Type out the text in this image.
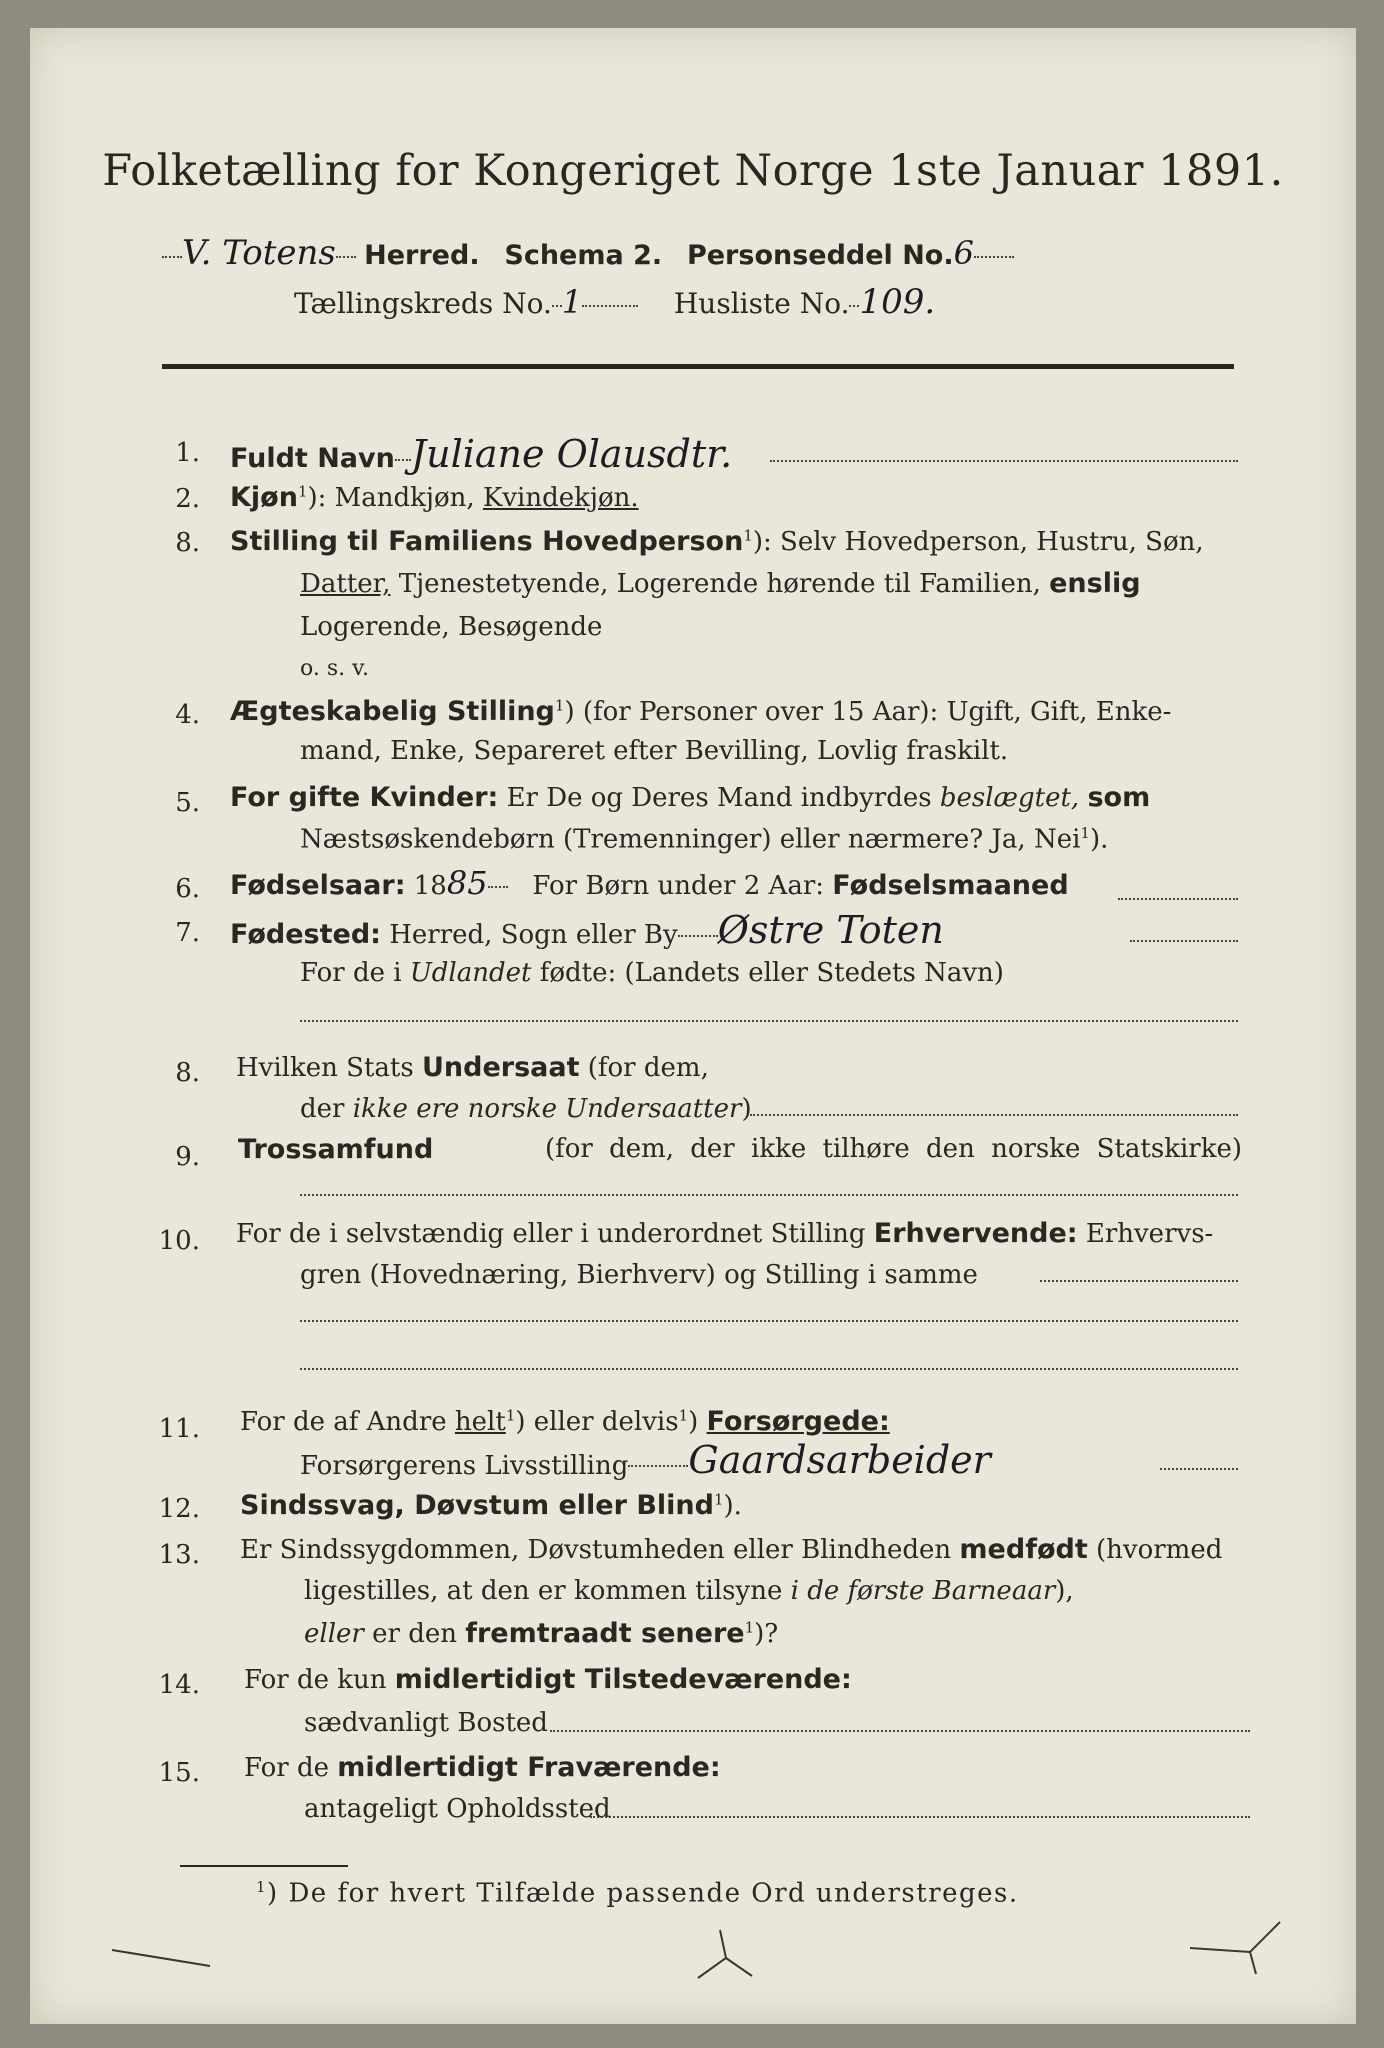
Folketælling for Kongeriget Norge 1ste Januar 1891.
V. Totens Herred. Schema 2. Personseddel No.6
Tællingskreds No. 1	Husliste No. 109.
1. Fuldt Navn Juliane Olausdtr.
2. Kjøn$^1$): Mandkjøn, Kvindekjøn.
8. Stilling til Familiens Hovedperson$^1$): Selv Hovedperson, Hustru, Søn,
Datter, Tjenestetyende, Logerende hørende til Familien, enslig
Logerende, Besøgende
o. s. v.
4. Ægteskabelig Stilling$^1$) (for Personer over 15 Aar): Ugift, Gift, Enke-
mand, Enke, Separeret efter Bevilling, Lovlig fraskilt.
5. For gifte Kvinder: Er De og Deres Mand indbyrdes beslægtet, som
Næstsøskendebørn (Tremenninger) eller nærmere? Ja, Nei$^1$).
6. Fødselsaar: 1885 For Børn under 2 Aar: Fødselsmaaned
7. Fødested: Herred, Sogn eller By Østre Toten
For de i Udlandet fødte: (Landets eller Stedets Navn)
8. Hvilken Stats Undersaat (for dem,
der ikke ere norske Undersaatter)
9. Trossamfund	(for dem, der ikke tilhøre den norske Statskirke)
10. For de i selvstændig eller i underordnet Stilling Erhvervende: Erhvervs-
gren (Hovednæring, Bierhverv) og Stilling i samme
11. For de af Andre helt$^1$) eller delvis$^1$) Forsørgede:
Forsørgerens Livsstilling Gaardsarbeider
12. Sindssvag, Døvstum eller Blind$^1$).
13. Er Sindssygdommen, Døvstumheden eller Blindheden medfødt (hvormed
ligestilles, at den er kommen tilsyne i de første Barneaar),
eller er den fremtraadt senere$^1$)?
14. For de kun midlertidigt Tilstedeværende:
sædvanligt Bosted
15. For de midlertidigt Fraværende:
antageligt Opholdssted
$^1$) De for hvert Tilfælde passende Ord understreges.
